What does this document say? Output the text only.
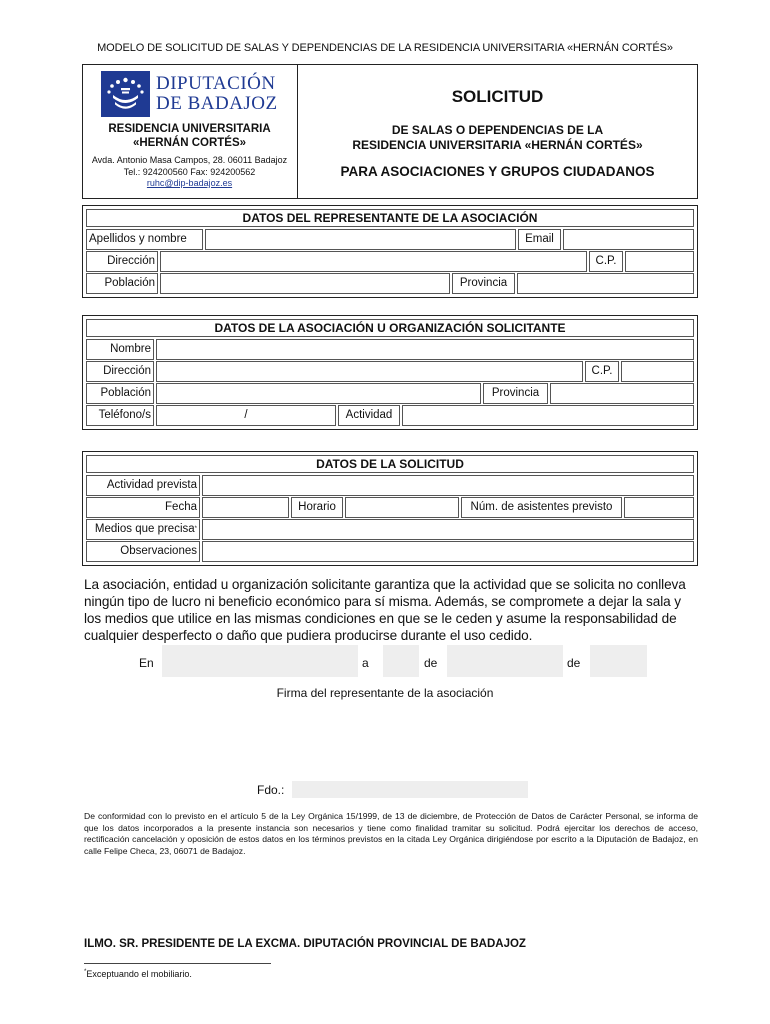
MODELO DE SOLICITUD DE SALAS Y DEPENDENCIAS DE LA RESIDENCIA UNIVERSITARIA «HERNÁN CORTÉS»
DIPUTACIÓN
DE BADAJOZ
RESIDENCIA UNIVERSITARIA
«HERNÁN CORTÉS»
Avda. Antonio Masa Campos, 28. 06011 Badajoz
Tel.: 924200560 Fax: 924200562
ruhc@dip-badajoz.es
SOLICITUD
DE SALAS O DEPENDENCIAS DE LA
RESIDENCIA UNIVERSITARIA «HERNÁN CORTÉS»
PARA ASOCIACIONES Y GRUPOS CIUDADANOS
DATOS DEL REPRESENTANTE DE LA ASOCIACIÓN
Apellidos y nombre	Email
Dirección	C.P.
Población	Provincia
DATOS DE LA ASOCIACIÓN U ORGANIZACIÓN SOLICITANTE
Nombre
Dirección	C.P.
Población	Provincia
Teléfono/s	/	Actividad
DATOS DE LA SOLICITUD
Actividad prevista
Fecha	Horario	Núm. de asistentes previsto
Medios que precisa*
Observaciones
La asociación, entidad u organización solicitante garantiza que la actividad que se solicita no conlleva ningún tipo de lucro ni beneficio económico para sí misma. Además, se compromete a dejar la sala y los medios que utilice en las mismas condiciones en que se le ceden y asume la responsabilidad de cualquier desperfecto o daño que pudiera producirse durante el uso cedido.
En	a	de	de
Firma del representante de la asociación
Fdo.:
De conformidad con lo previsto en el artículo 5 de la Ley Orgánica 15/1999, de 13 de diciembre, de Protección de Datos de Carácter Personal, se informa de que los datos incorporados a la presente instancia son necesarios y tiene como finalidad tramitar su solicitud. Podrá ejercitar los derechos de acceso, rectificación cancelación y oposición de estos datos en los términos previstos en la citada Ley Orgánica dirigiéndose por escrito a la Diputación de Badajoz, en calle Felipe Checa, 23, 06071 de Badajoz.
ILMO. SR. PRESIDENTE DE LA EXCMA. DIPUTACIÓN PROVINCIAL DE BADAJOZ
*Exceptuando el mobiliario.
